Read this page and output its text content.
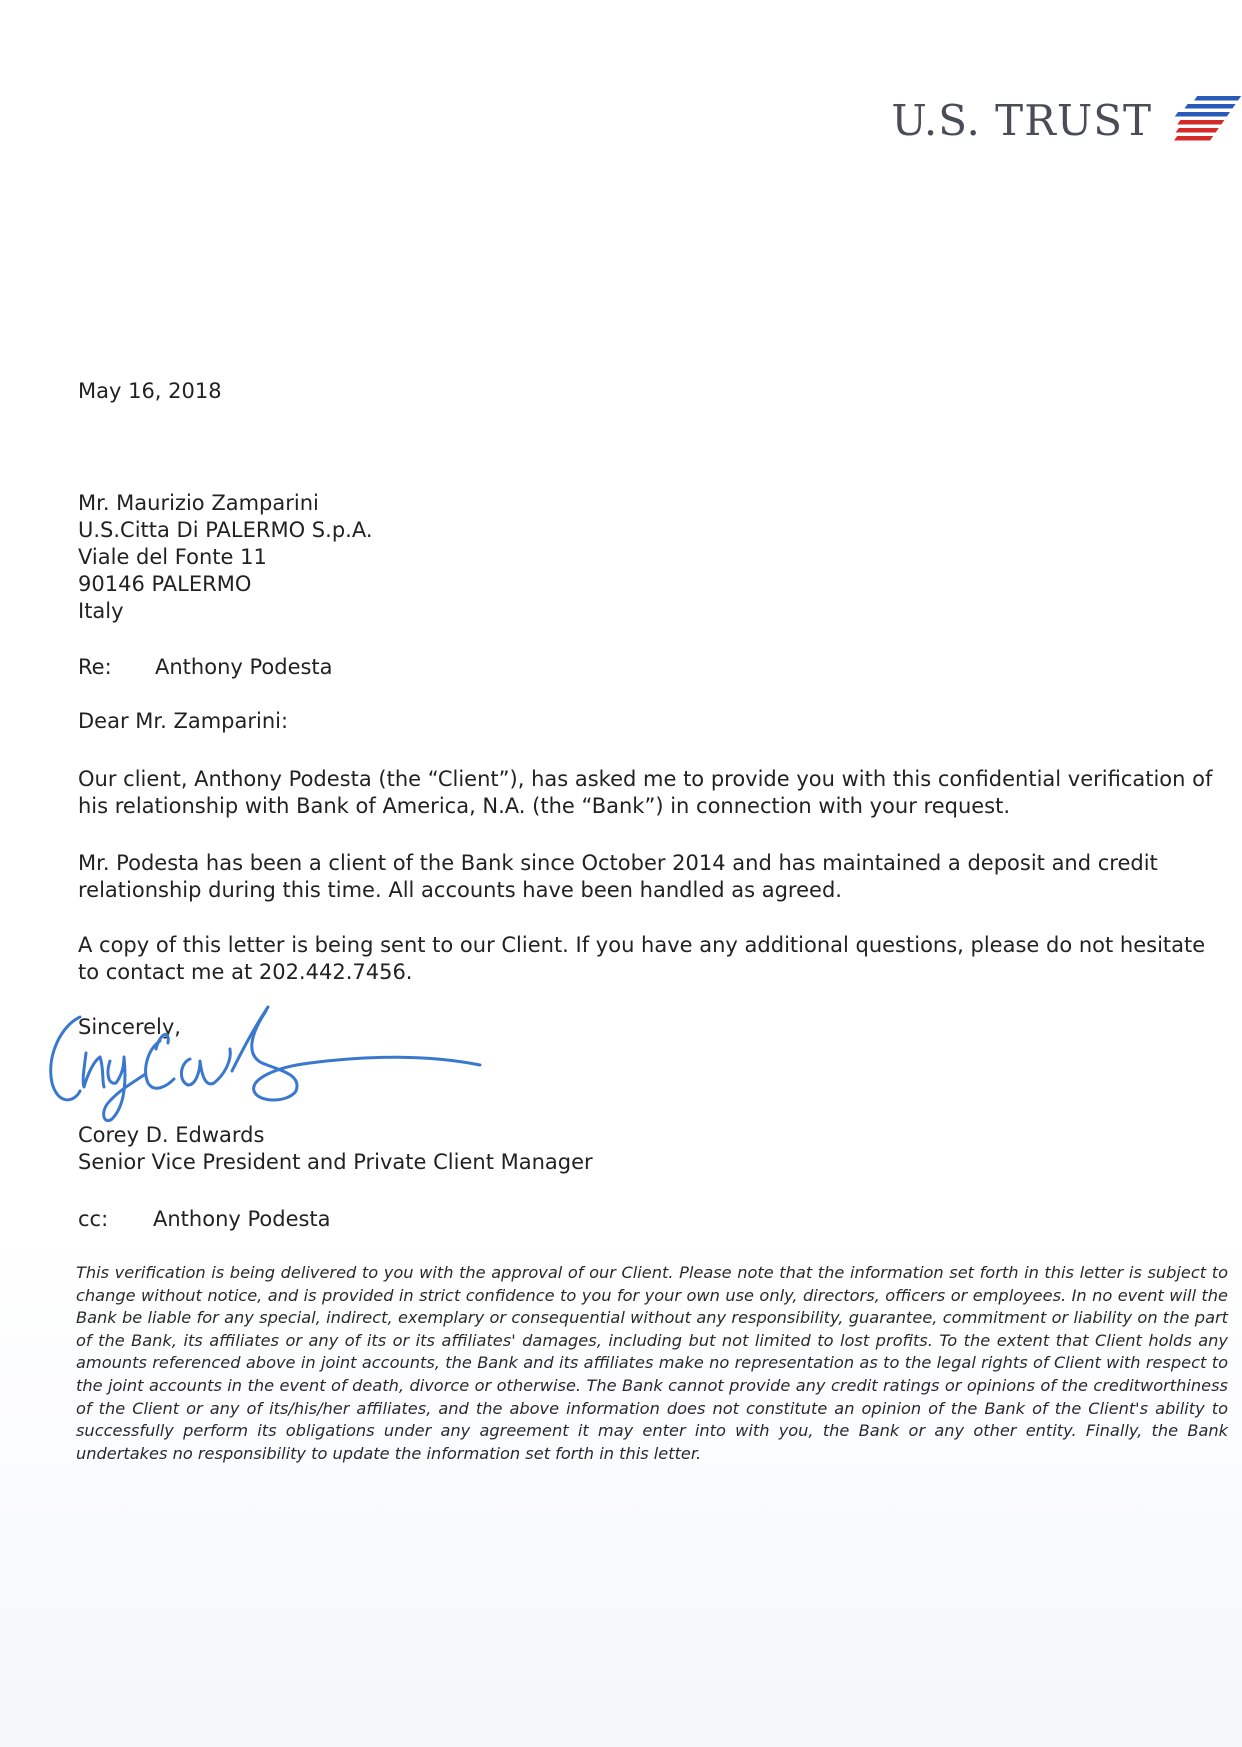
U.S. TRUST
May 16, 2018
Mr. Maurizio Zamparini
U.S.Citta Di PALERMO S.p.A.
Viale del Fonte 11
90146 PALERMO
Italy
Re: Anthony Podesta
Dear Mr. Zamparini:
Our client, Anthony Podesta (the “Client”), has asked me to provide you with this confidential verification of his relationship with Bank of America, N.A. (the “Bank”) in connection with your request.
Mr. Podesta has been a client of the Bank since October 2014 and has maintained a deposit and credit relationship during this time. All accounts have been handled as agreed.
A copy of this letter is being sent to our Client. If you have any additional questions, please do not hesitate to contact me at 202.442.7456.
Sincerely,
Corey D. Edwards
Senior Vice President and Private Client Manager
cc: Anthony Podesta
This verification is being delivered to you with the approval of our Client. Please note that the information set forth in this letter is subject to change without notice, and is provided in strict confidence to you for your own use only, directors, officers or employees. In no event will the Bank be liable for any special, indirect, exemplary or consequential without any responsibility, guarantee, commitment or liability on the part of the Bank, its affiliates or any of its or its affiliates' damages, including but not limited to lost profits. To the extent that Client holds any amounts referenced above in joint accounts, the Bank and its affiliates make no representation as to the legal rights of Client with respect to the joint accounts in the event of death, divorce or otherwise. The Bank cannot provide any credit ratings or opinions of the creditworthiness of the Client or any of its/his/her affiliates, and the above information does not constitute an opinion of the Bank of the Client's ability to successfully perform its obligations under any agreement it may enter into with you, the Bank or any other entity. Finally, the Bank undertakes no responsibility to update the information set forth in this letter.
